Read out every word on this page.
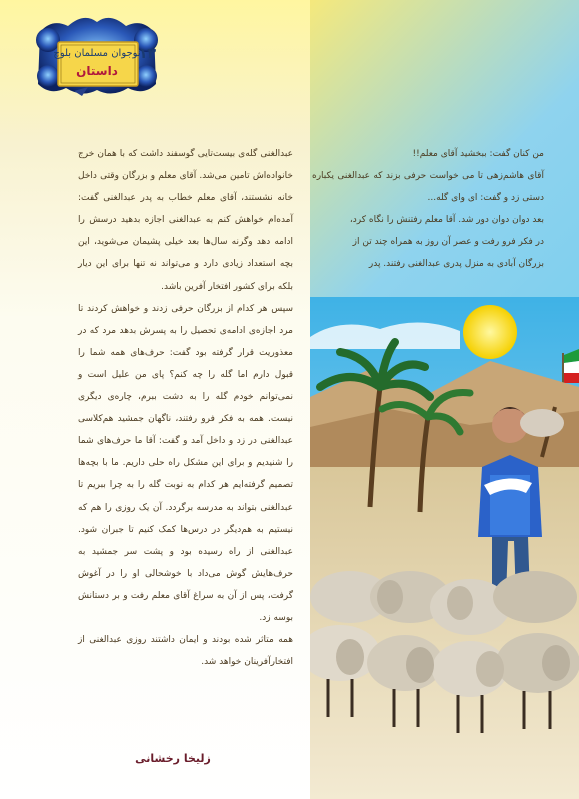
۱۳
نوجوان مسلمان بلوچ
داستان

من کنان گفت: ببخشید آقای معلم!!

آقای هاشم‌زهی تا می خواست حرفی بزند که عبدالغنی یکباره دستی زد و گفت: ای وای گله...

بعد دوان دوان دور شد. آقا معلم رفتنش را نگاه کرد،

در فکر فرو رفت و عصر آن روز به همراه چند تن از

بزرگان آبادی به منزل پدری عبدالغنی رفتند. پدر

عبدالغنی گله‌ی بیست‌تایی گوسفند داشت که با همان خرج خانواده‌اش تامین می‌شد. آقای معلم و بزرگان وقتی داخل خانه نشستند، آقای معلم خطاب به پدر عبدالغنی گفت: آمده‌ام خواهش کنم به عبدالغنی اجازه بدهید درسش را ادامه دهد وگرنه سال‌ها بعد خیلی پشیمان می‌شوید، این بچه استعداد زیادی دارد و می‌تواند نه تنها برای این دیار بلکه برای کشور افتخار آفرین باشد.

سپس هر کدام از بزرگان حرفی زدند و خواهش کردند تا مرد اجازه‌ی ادامه‌ی تحصیل را به پسرش بدهد مرد که در معذوریت قرار گرفته بود گفت: حرف‌های همه شما را قبول دارم اما گله را چه کنم؟ پای من علیل است و نمی‌توانم خودم گله را به دشت ببرم، چاره‌ی دیگری نیست. همه به فکر فرو رفتند، ناگهان جمشید هم‌کلاسی عبدالغنی در زد و داخل آمد و گفت: آقا ما حرف‌های شما را شنیدیم و برای این مشکل راه حلی داریم. ما با بچه‌ها تصمیم گرفته‌ایم هر کدام به نوبت گله را به چرا ببریم تا عبدالغنی بتواند به مدرسه برگردد. آن یک روزی را هم که نیستیم به هم‌دیگر در درس‌ها کمک کنیم تا جبران شود. عبدالغنی از راه رسیده بود و پشت سر جمشید به حرف‌هایش گوش می‌داد با خوشحالی او را در آغوش گرفت، پس از آن به سراغ آقای معلم رفت و بر دستانش بوسه زد.

همه متاثر شده بودند و ایمان داشتند روزی عبدالغنی از افتخارآفرینان خواهد شد.

زلیخا رخشانی
